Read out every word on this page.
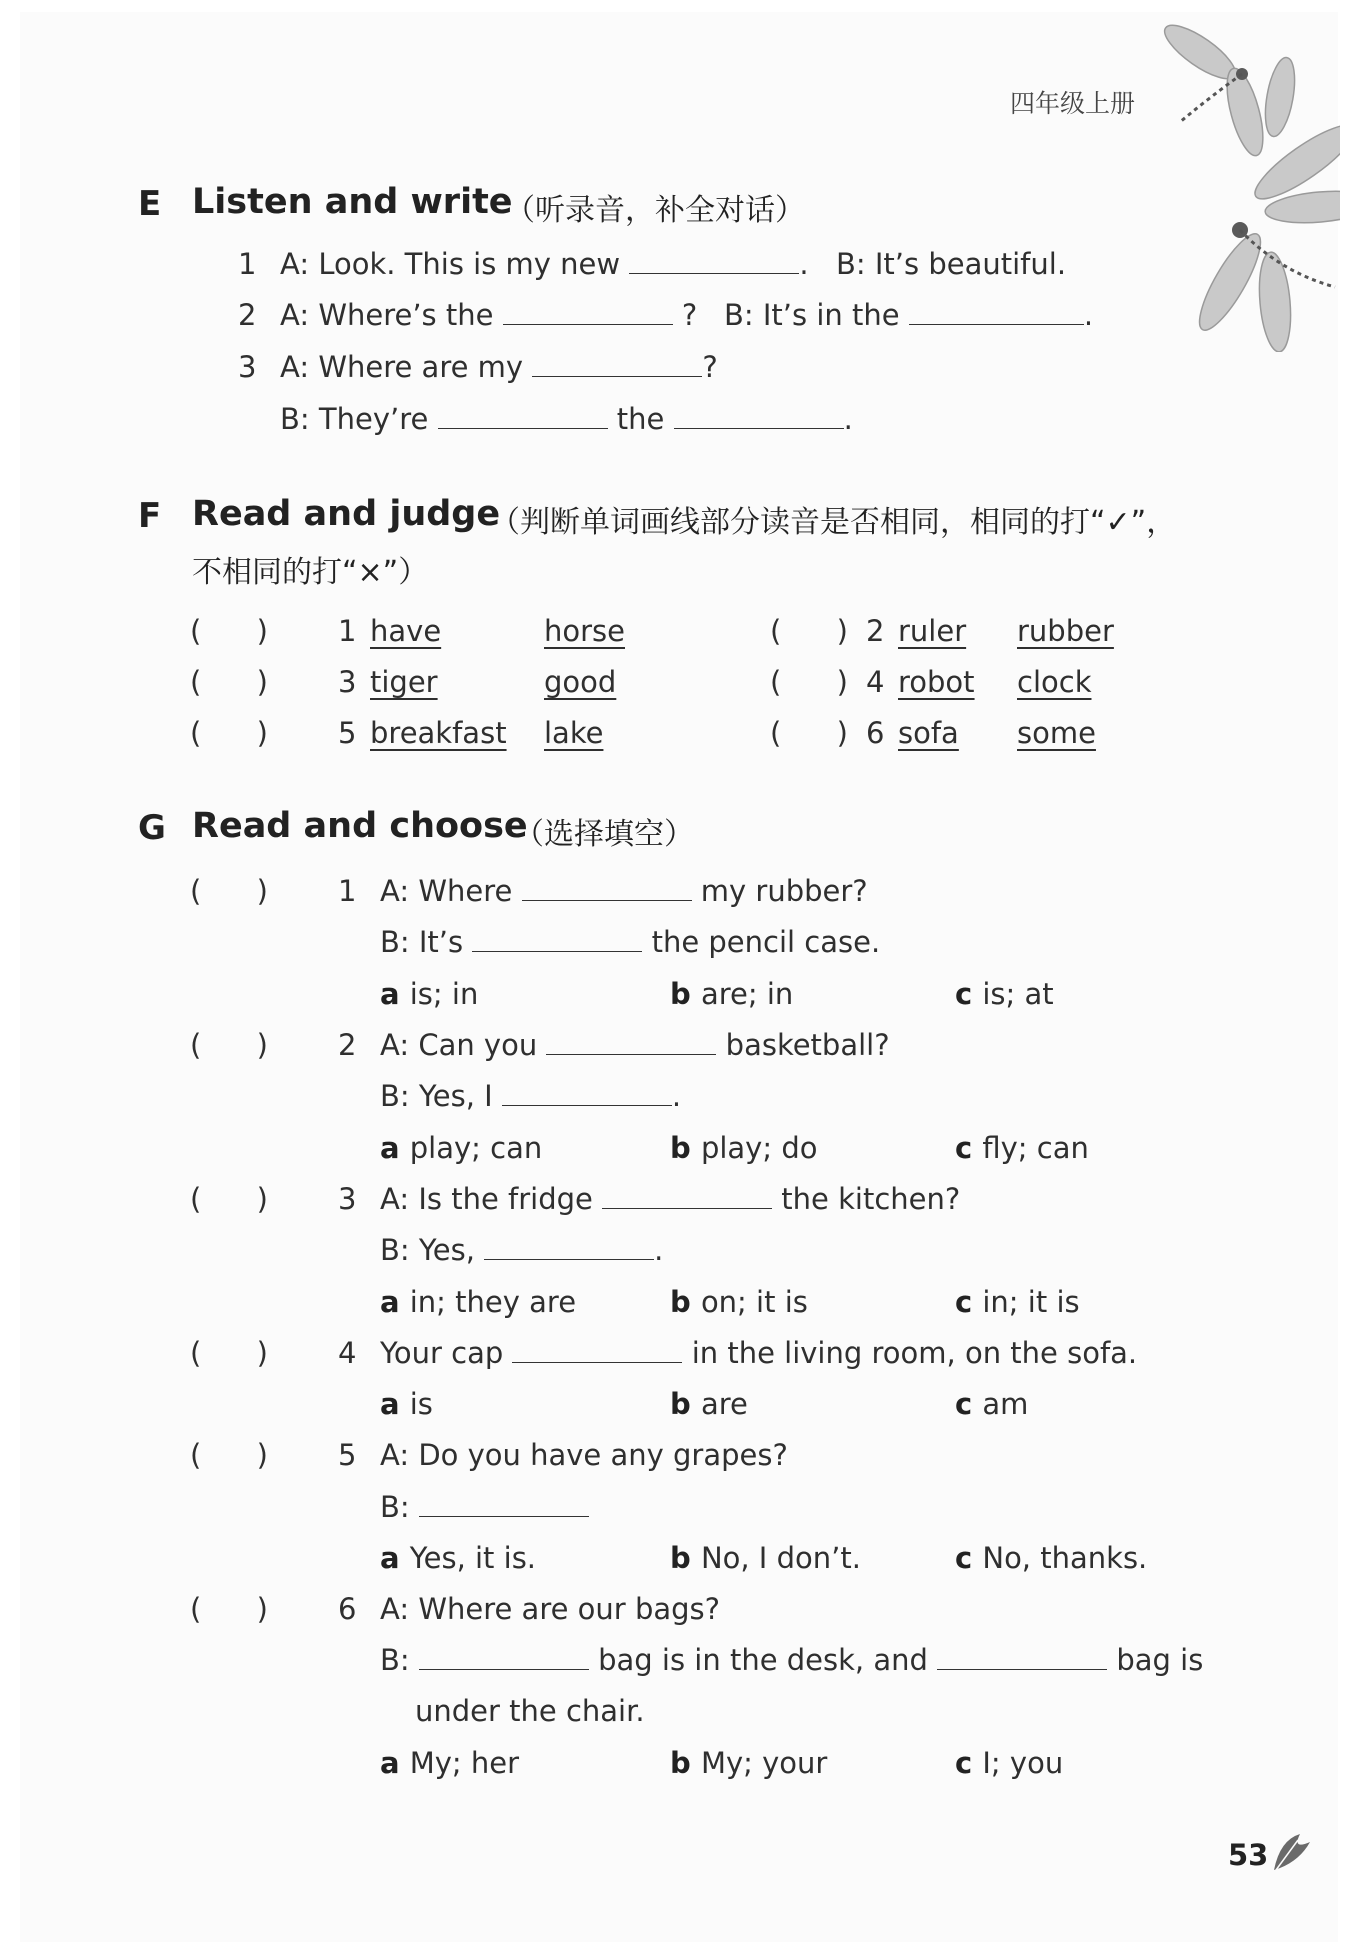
四年级上册
E Listen and write
（听录音，补全对话）
1 A: Look. This is my new	. B: It’s beautiful.
2 A: Where’s the	? B: It’s in the	.
3 A: Where are my	?
B: They’re	the	.
F Read and judge
（判断单词画线部分读音是否相同，相同的打“✓”，
不相同的打“×”）
(      ) 1 have	horse	(      ) 2 ruler rubber
(      ) 3 tiger	good	(      ) 4 robot clock
(      ) 5 breakfast lake	(      ) 6 sofa some
G Read and choose
（选择填空）
(      ) 1 A: Where	my rubber?
B: It’s	the pencil case.
a is; in	b are; in	c is; at
(      ) 2 A: Can you	basketball?
B: Yes, I	.
a play; can	b play; do	c fly; can
(      ) 3 A: Is the fridge	the kitchen?
B: Yes,	.
a in; they are	b on; it is	c in; it is
(      ) 4 Your cap	in the living room, on the sofa.
a is	b are	c am
(      ) 5 A: Do you have any grapes?
B:
a Yes, it is.	b No, I don’t.	c No, thanks.
(      ) 6 A: Where are our bags?
B:	bag is in the desk, and	bag is
under the chair.
a My; her	b My; your	c I; you
53
